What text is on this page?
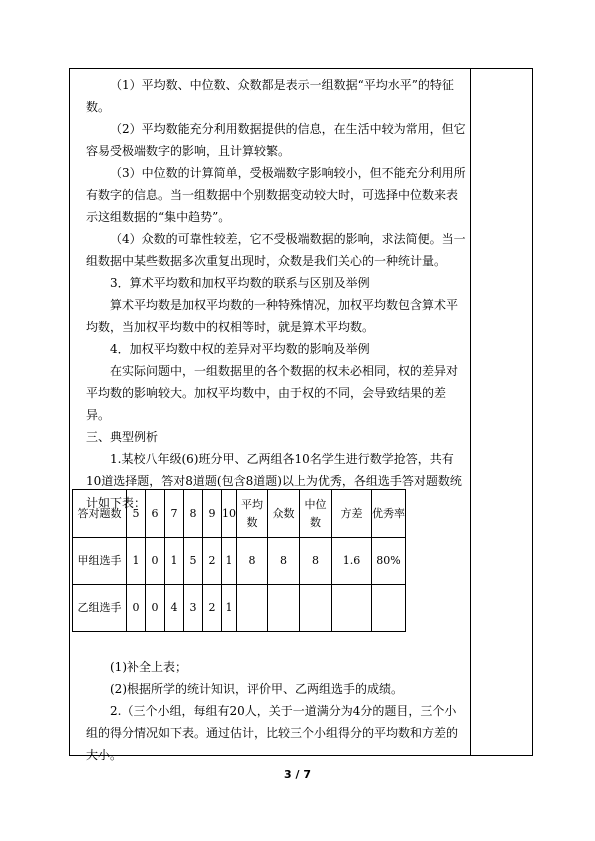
（1）平均数、中位数、众数都是表示一组数据“平均水平”的特征数。

（2）平均数能充分利用数据提供的信息，在生活中较为常用，但它容易受极端数字的影响，且计算较繁。

（3）中位数的计算简单，受极端数字影响较小，但不能充分利用所有数字的信息。当一组数据中个别数据变动较大时，可选择中位数来表示这组数据的“集中趋势”。

（4）众数的可靠性较差，它不受极端数据的影响，求法简便。当一组数据中某些数据多次重复出现时，众数是我们关心的一种统计量。

3．算术平均数和加权平均数的联系与区别及举例

算术平均数是加权平均数的一种特殊情况，加权平均数包含算术平均数，当加权平均数中的权相等时，就是算术平均数。

4．加权平均数中权的差异对平均数的影响及举例

在实际问题中，一组数据里的各个数据的权未必相同，权的差异对平均数的影响较大。加权平均数中，由于权的不同，会导致结果的差异。

三、典型例析

1.某校八年级(6)班分甲、乙两组各10名学生进行数学抢答，共有10道选择题，答对8道题(包含8道题)以上为优秀，各组选手答对题数统计如下表：

答对题数	5	6	7	8	9	10	平均数	众数	中位数	方差	优秀率
甲组选手	1	0	1	5	2	1	8	8	8	1.6	80%
乙组选手	0	0	4	3	2	1					

(1)补全上表；

(2)根据所学的统计知识，评价甲、乙两组选手的成绩。

2.（三个小组，每组有20人，关于一道满分为4分的题目，三个小组的得分情况如下表。通过估计，比较三个小组得分的平均数和方差的大小。

3 / 7
